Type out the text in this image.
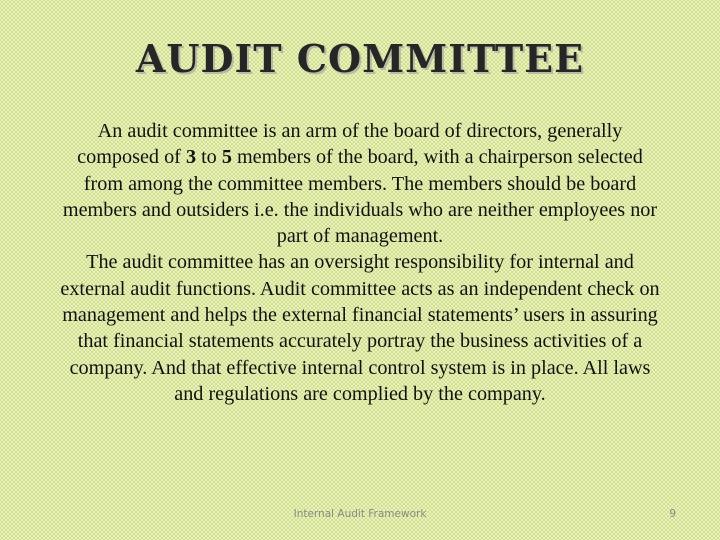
AUDIT COMMITTEE

An audit committee is an arm of the board of directors, generally composed of 3 to 5 members of the board, with a chairperson selected from among the committee members. The members should be board members and outsiders i.e. the individuals who are neither employees nor part of management.

The audit committee has an oversight responsibility for internal and external audit functions. Audit committee acts as an independent check on management and helps the external financial statements’ users in assuring that financial statements accurately portray the business activities of a company. And that effective internal control system is in place. All laws and regulations are complied by the company.

Internal Audit Framework	9
